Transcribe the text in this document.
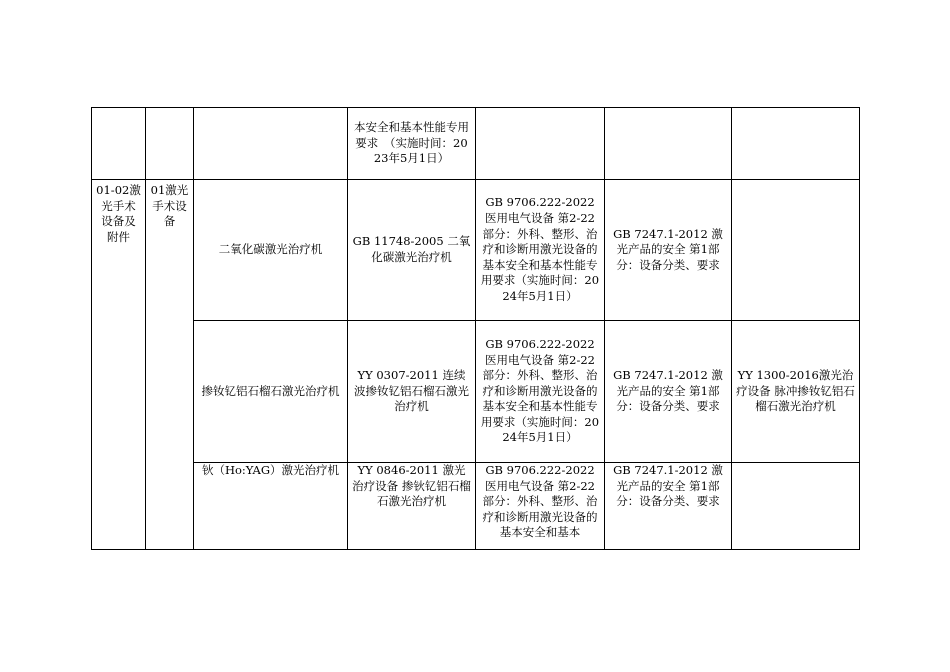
			本安全和基本性能专用要求　（实施时间：2023年5月1日）			

01-02激光手术设备及附件	01激光手术设备	二氧化碳激光治疗机	GB 11748-2005 二氧化碳激光治疗机	GB 9706.222-2022 医用电气设备 第2-22部分：外科、整形、治疗和诊断用激光设备的基本安全和基本性能专用要求（实施时间：2024年5月1日）	GB 7247.1-2012 激光产品的安全 第1部分：设备分类、要求	

		掺钕钇铝石榴石激光治疗机	YY 0307-2011 连续波掺钕钇铝石榴石激光治疗机	GB 9706.222-2022 医用电气设备 第2-22部分：外科、整形、治疗和诊断用激光设备的基本安全和基本性能专用要求（实施时间：2024年5月1日）	GB 7247.1-2012 激光产品的安全 第1部分：设备分类、要求	YY 1300-2016激光治疗设备 脉冲掺钕钇铝石榴石激光治疗机

		钬（Ho:YAG）激光治疗机	YY 0846-2011 激光治疗设备 掺钬钇铝石榴石激光治疗机	GB 9706.222-2022 医用电气设备 第2-22部分：外科、整形、治疗和诊断用激光设备的基本安全和基本	GB 7247.1-2012 激光产品的安全 第1部分：设备分类、要求	
